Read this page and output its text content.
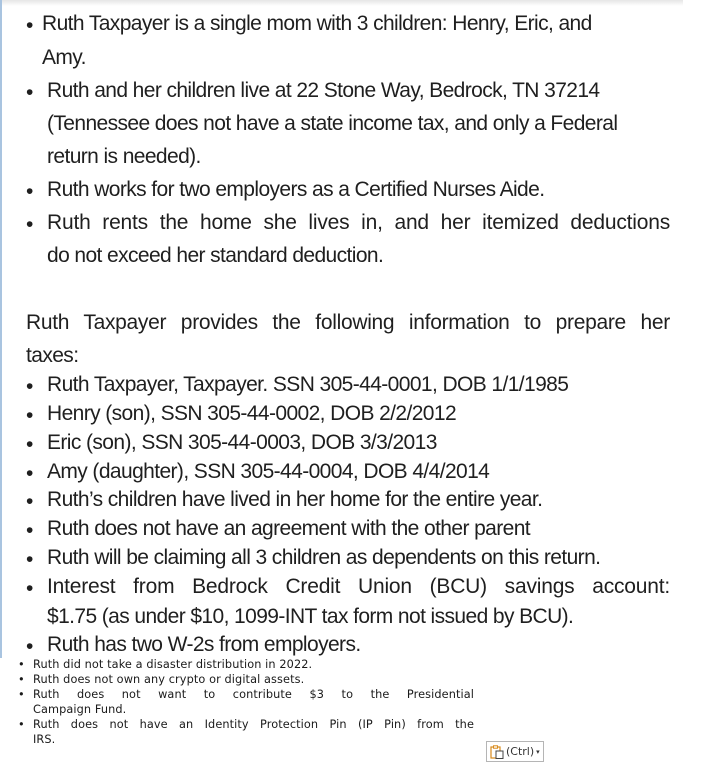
• Ruth Taxpayer is a single mom with 3 children: Henry, Eric, and
Amy.
• Ruth and her children live at 22 Stone Way, Bedrock, TN 37214
(Tennessee does not have a state income tax, and only a Federal
return is needed).
• Ruth works for two employers as a Certified Nurses Aide.
• Ruth rents the home she lives in, and her itemized deductions
do not exceed her standard deduction.
Ruth Taxpayer provides the following information to prepare her
taxes:
• Ruth Taxpayer, Taxpayer. SSN 305-44-0001, DOB 1/1/1985
• Henry (son), SSN 305-44-0002, DOB 2/2/2012
• Eric (son), SSN 305-44-0003, DOB 3/3/2013
• Amy (daughter), SSN 305-44-0004, DOB 4/4/2014
• Ruth’s children have lived in her home for the entire year.
• Ruth does not have an agreement with the other parent
• Ruth will be claiming all 3 children as dependents on this return.
• Interest from Bedrock Credit Union (BCU) savings account:
$1.75 (as under $10, 1099-INT tax form not issued by BCU).
• Ruth has two W-2s from employers.
• Ruth did not take a disaster distribution in 2022.
• Ruth does not own any crypto or digital assets.
• Ruth does not want to contribute $3 to the Presidential
Campaign Fund.
• Ruth does not have an Identity Protection Pin (IP Pin) from the
IRS.
(Ctrl) ▾
